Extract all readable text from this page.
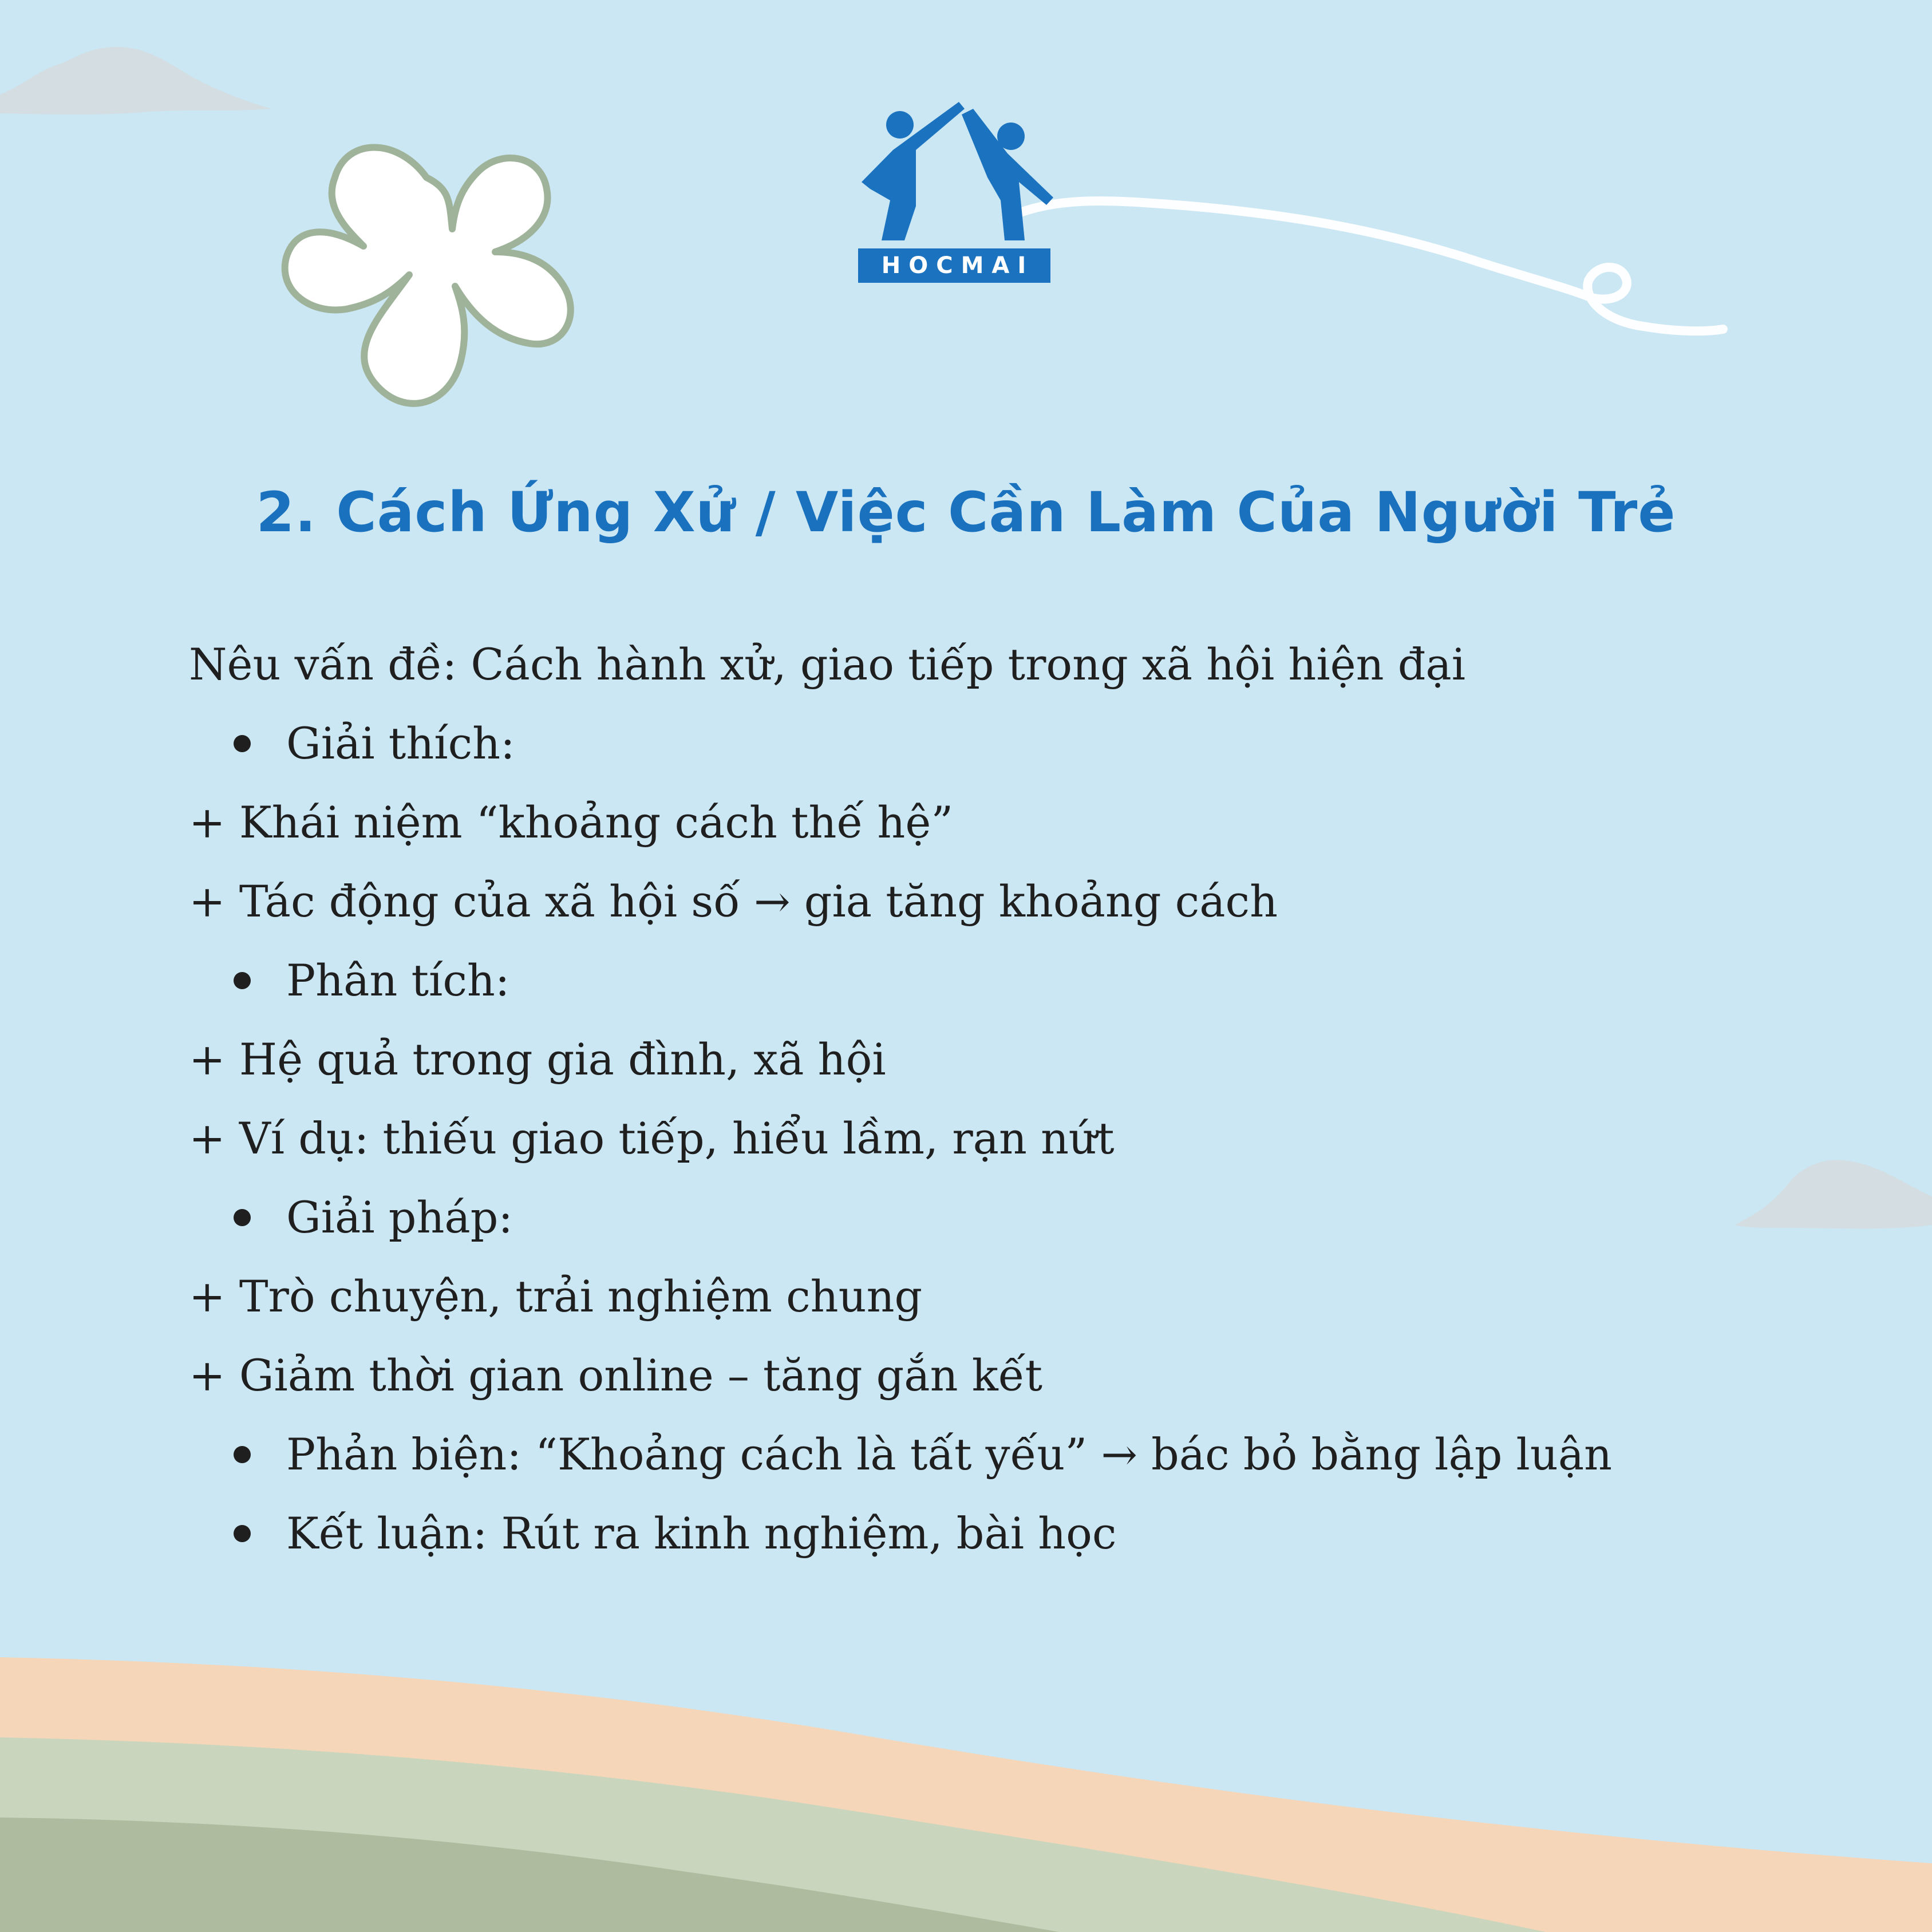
HOCMAI
2. Cách Ứng Xử / Việc Cần Làm Của Người Trẻ
Nêu vấn đề: Cách hành xử, giao tiếp trong xã hội hiện đại
Giải thích:
+ Khái niệm “khoảng cách thế hệ”
+ Tác động của xã hội số → gia tăng khoảng cách
Phân tích:
+ Hệ quả trong gia đình, xã hội
+ Ví dụ: thiếu giao tiếp, hiểu lầm, rạn nứt
Giải pháp:
+ Trò chuyện, trải nghiệm chung
+ Giảm thời gian online – tăng gắn kết
Phản biện: “Khoảng cách là tất yếu” → bác bỏ bằng lập luận
Kết luận: Rút ra kinh nghiệm, bài học
